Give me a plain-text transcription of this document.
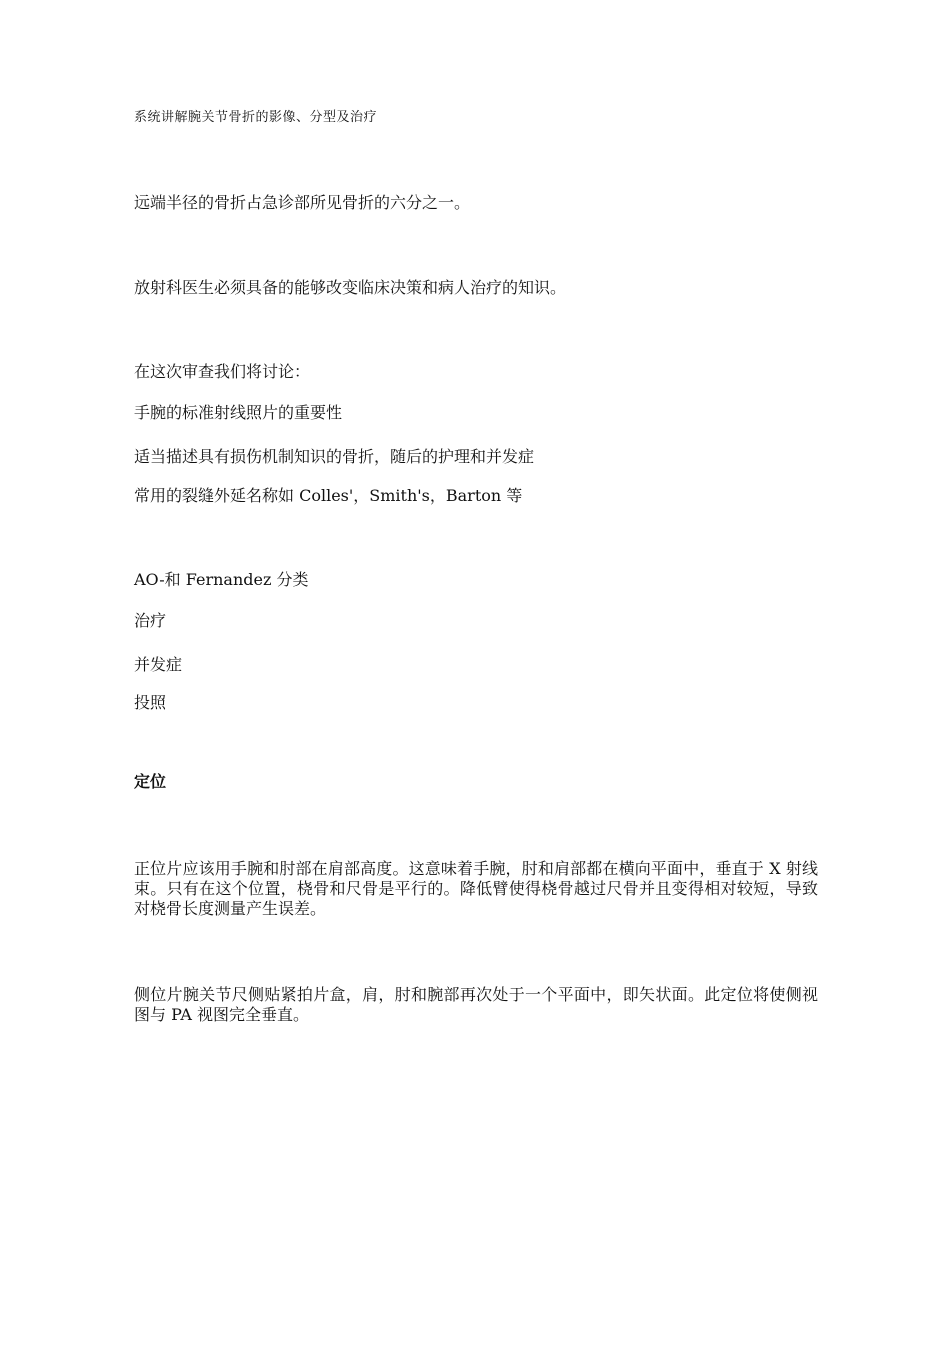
系统讲解腕关节骨折的影像、分型及治疗
远端半径的骨折占急诊部所见骨折的六分之一。
放射科医生必须具备的能够改变临床决策和病人治疗的知识。
在这次审查我们将讨论：
手腕的标准射线照片的重要性
适当描述具有损伤机制知识的骨折，随后的护理和并发症
常用的裂缝外延名称如 Colles'，Smith's，Barton 等
AO-和 Fernandez 分类
治疗
并发症
投照
定位
正位片应该用手腕和肘部在肩部高度。这意味着手腕，肘和肩部都在横向平面中，垂直于 X 射线束。只有在这个位置，桡骨和尺骨是平行的。降低臂使得桡骨越过尺骨并且变得相对较短，导致对桡骨长度测量产生误差。
侧位片腕关节尺侧贴紧拍片盒，肩，肘和腕部再次处于一个平面中，即矢状面。此定位将使侧视图与 PA 视图完全垂直。
